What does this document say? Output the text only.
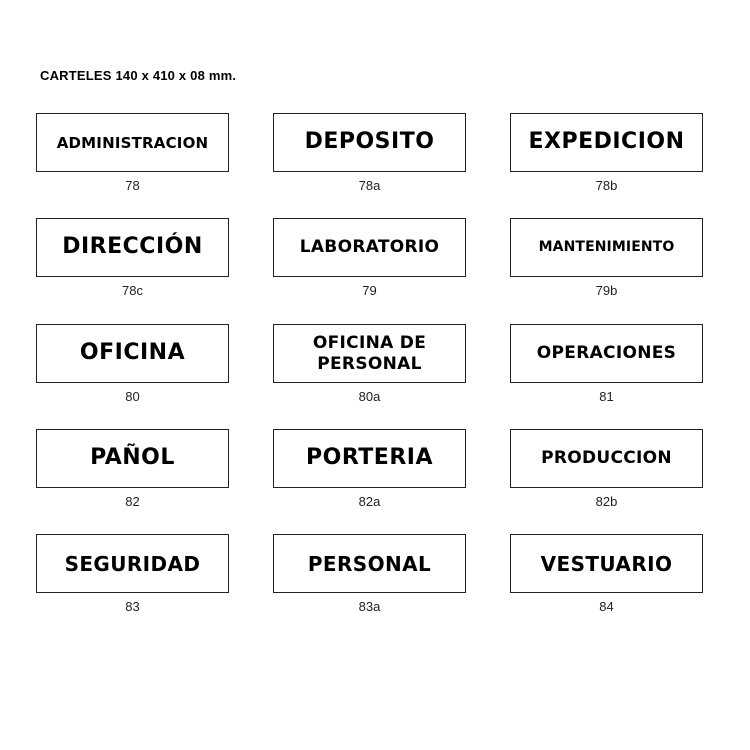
CARTELES 140 x 410 x 08 mm.
ADMINISTRACION
78
DEPOSITO
78a
EXPEDICION
78b
DIRECCIÓN
78c
LABORATORIO
79
MANTENIMIENTO
79b
OFICINA
80
OFICINA DE
PERSONAL
80a
OPERACIONES
81
PAÑOL
82
PORTERIA
82a
PRODUCCION
82b
SEGURIDAD
83
PERSONAL
83a
VESTUARIO
84
